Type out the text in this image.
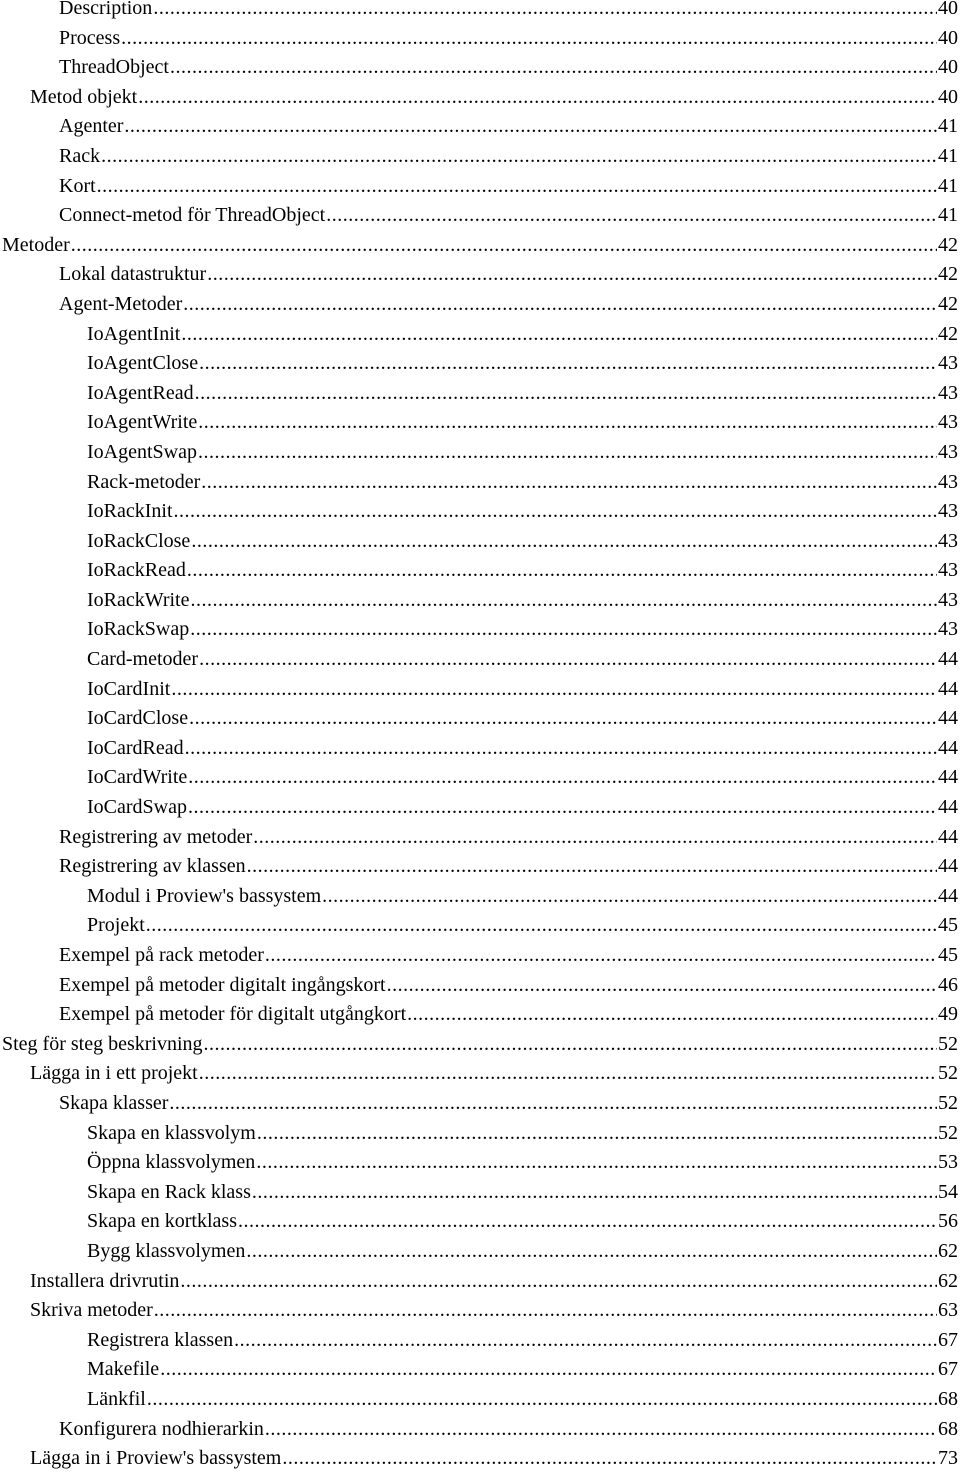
Description .....	40
Process .....	40
ThreadObject .....	40
Metod objekt .....	40
Agenter .....	41
Rack .....	41
Kort .....	41
Connect-metod för ThreadObject .....	41
Metoder .....	42
Lokal datastruktur .....	42
Agent-Metoder .....	42
IoAgentInit .....	42
IoAgentClose .....	43
IoAgentRead .....	43
IoAgentWrite .....	43
IoAgentSwap .....	43
Rack-metoder .....	43
IoRackInit .....	43
IoRackClose .....	43
IoRackRead .....	43
IoRackWrite .....	43
IoRackSwap .....	43
Card-metoder .....	44
IoCardInit .....	44
IoCardClose .....	44
IoCardRead .....	44
IoCardWrite .....	44
IoCardSwap .....	44
Registrering av metoder .....	44
Registrering av klassen .....	44
Modul i Proview's bassystem .....	44
Projekt .....	45
Exempel på rack metoder .....	45
Exempel på metoder digitalt ingångskort .....	46
Exempel på metoder för digitalt utgångkort .....	49
Steg för steg beskrivning .....	52
Lägga in i ett projekt .....	52
Skapa klasser .....	52
Skapa en klassvolym .....	52
Öppna klassvolymen .....	53
Skapa en Rack klass .....	54
Skapa en kortklass .....	56
Bygg klassvolymen .....	62
Installera drivrutin .....	62
Skriva metoder .....	63
Registrera klassen .....	67
Makefile .....	67
Länkfil .....	68
Konfigurera nodhierarkin .....	68
Lägga in i Proview's bassystem .....	73
